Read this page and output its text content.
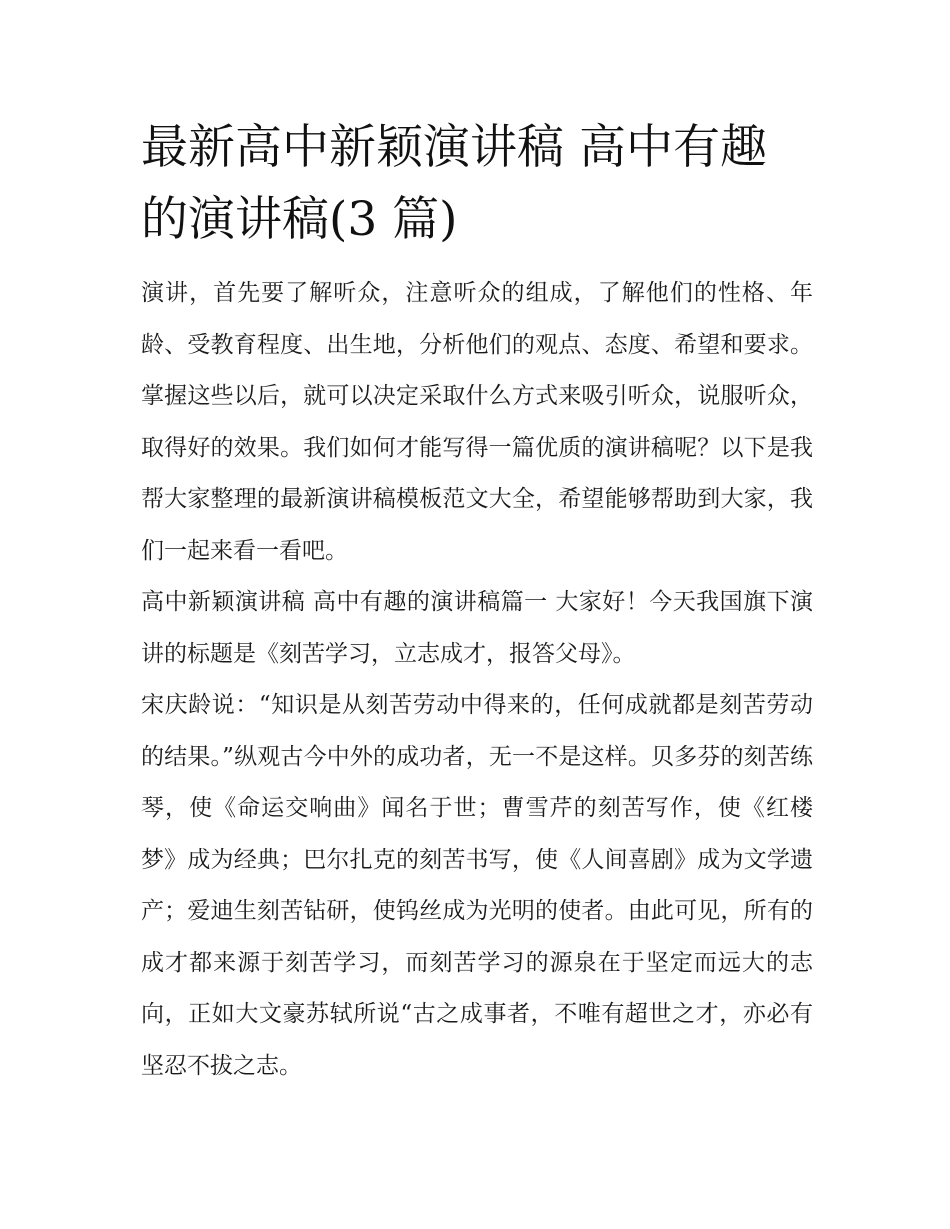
最新高中新颖演讲稿 高中有趣的演讲稿(3 篇)

演讲，首先要了解听众，注意听众的组成，了解他们的性格、年龄、受教育程度、出生地，分析他们的观点、态度、希望和要求。掌握这些以后，就可以决定采取什么方式来吸引听众，说服听众，取得好的效果。我们如何才能写得一篇优质的演讲稿呢？以下是我帮大家整理的最新演讲稿模板范文大全，希望能够帮助到大家，我们一起来看一看吧。

高中新颖演讲稿 高中有趣的演讲稿篇一 大家好！今天我国旗下演讲的标题是《刻苦学习，立志成才，报答父母》。

宋庆龄说：“知识是从刻苦劳动中得来的，任何成就都是刻苦劳动的结果。”纵观古今中外的成功者，无一不是这样。贝多芬的刻苦练琴，使《命运交响曲》闻名于世；曹雪芹的刻苦写作，使《红楼梦》成为经典；巴尔扎克的刻苦书写，使《人间喜剧》成为文学遗产；爱迪生刻苦钻研，使钨丝成为光明的使者。由此可见，所有的成才都来源于刻苦学习，而刻苦学习的源泉在于坚定而远大的志向，正如大文豪苏轼所说“古之成事者，不唯有超世之才，亦必有坚忍不拔之志。
